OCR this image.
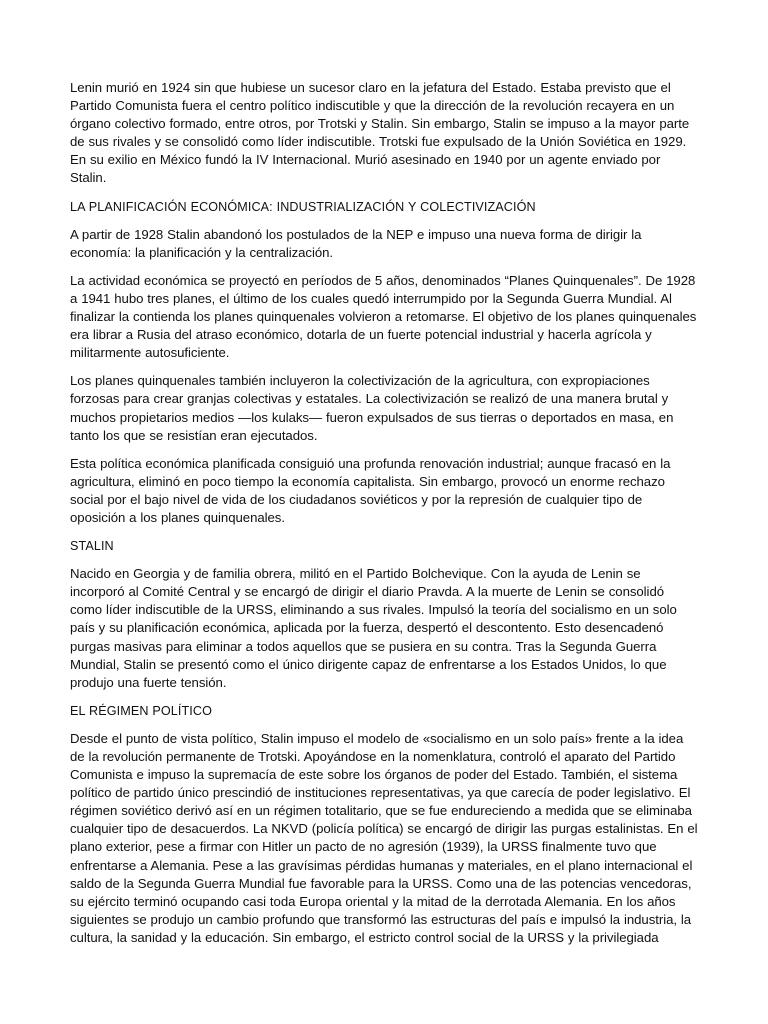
Lenin murió en 1924 sin que hubiese un sucesor claro en la jefatura del Estado. Estaba previsto que el Partido Comunista fuera el centro político indiscutible y que la dirección de la revolución recayera en un órgano colectivo formado, entre otros, por Trotski y Stalin. Sin embargo, Stalin se impuso a la mayor parte de sus rivales y se consolidó como líder indiscutible. Trotski fue expulsado de la Unión Soviética en 1929. En su exilio en México fundó la IV Internacional. Murió asesinado en 1940 por un agente enviado por Stalin.

LA PLANIFICACIÓN ECONÓMICA: INDUSTRIALIZACIÓN Y COLECTIVIZACIÓN

A partir de 1928 Stalin abandonó los postulados de la NEP e impuso una nueva forma de dirigir la economía: la planificación y la centralización.

La actividad económica se proyectó en períodos de 5 años, denominados “Planes Quinquenales”. De 1928 a 1941 hubo tres planes, el último de los cuales quedó interrumpido por la Segunda Guerra Mundial. Al finalizar la contienda los planes quinquenales volvieron a retomarse. El objetivo de los planes quinquenales era librar a Rusia del atraso económico, dotarla de un fuerte potencial industrial y hacerla agrícola y militarmente autosuficiente.

Los planes quinquenales también incluyeron la colectivización de la agricultura, con expropiaciones forzosas para crear granjas colectivas y estatales. La colectivización se realizó de una manera brutal y muchos propietarios medios —los kulaks— fueron expulsados de sus tierras o deportados en masa, en tanto los que se resistían eran ejecutados.

Esta política económica planificada consiguió una profunda renovación industrial; aunque fracasó en la agricultura, eliminó en poco tiempo la economía capitalista. Sin embargo, provocó un enorme rechazo social por el bajo nivel de vida de los ciudadanos soviéticos y por la represión de cualquier tipo de oposición a los planes quinquenales.

STALIN

Nacido en Georgia y de familia obrera, militó en el Partido Bolchevique. Con la ayuda de Lenin se incorporó al Comité Central y se encargó de dirigir el diario Pravda. A la muerte de Lenin se consolidó como líder indiscutible de la URSS, eliminando a sus rivales. Impulsó la teoría del socialismo en un solo país y su planificación económica, aplicada por la fuerza, despertó el descontento. Esto desencadenó purgas masivas para eliminar a todos aquellos que se pusiera en su contra. Tras la Segunda Guerra Mundial, Stalin se presentó como el único dirigente capaz de enfrentarse a los Estados Unidos, lo que produjo una fuerte tensión.

EL RÉGIMEN POLÍTICO

Desde el punto de vista político, Stalin impuso el modelo de «socialismo en un solo país» frente a la idea de la revolución permanente de Trotski. Apoyándose en la nomenklatura, controló el aparato del Partido Comunista e impuso la supremacía de este sobre los órganos de poder del Estado. También, el sistema político de partido único prescindió de instituciones representativas, ya que carecía de poder legislativo. El régimen soviético derivó así en un régimen totalitario, que se fue endureciendo a medida que se eliminaba cualquier tipo de desacuerdos. La NKVD (policía política) se encargó de dirigir las purgas estalinistas. En el plano exterior, pese a firmar con Hitler un pacto de no agresión (1939), la URSS finalmente tuvo que enfrentarse a Alemania. Pese a las gravísimas pérdidas humanas y materiales, en el plano internacional el saldo de la Segunda Guerra Mundial fue favorable para la URSS. Como una de las potencias vencedoras, su ejército terminó ocupando casi toda Europa oriental y la mitad de la derrotada Alemania. En los años siguientes se produjo un cambio profundo que transformó las estructuras del país e impulsó la industria, la cultura, la sanidad y la educación. Sin embargo, el estricto control social de la URSS y la privilegiada
